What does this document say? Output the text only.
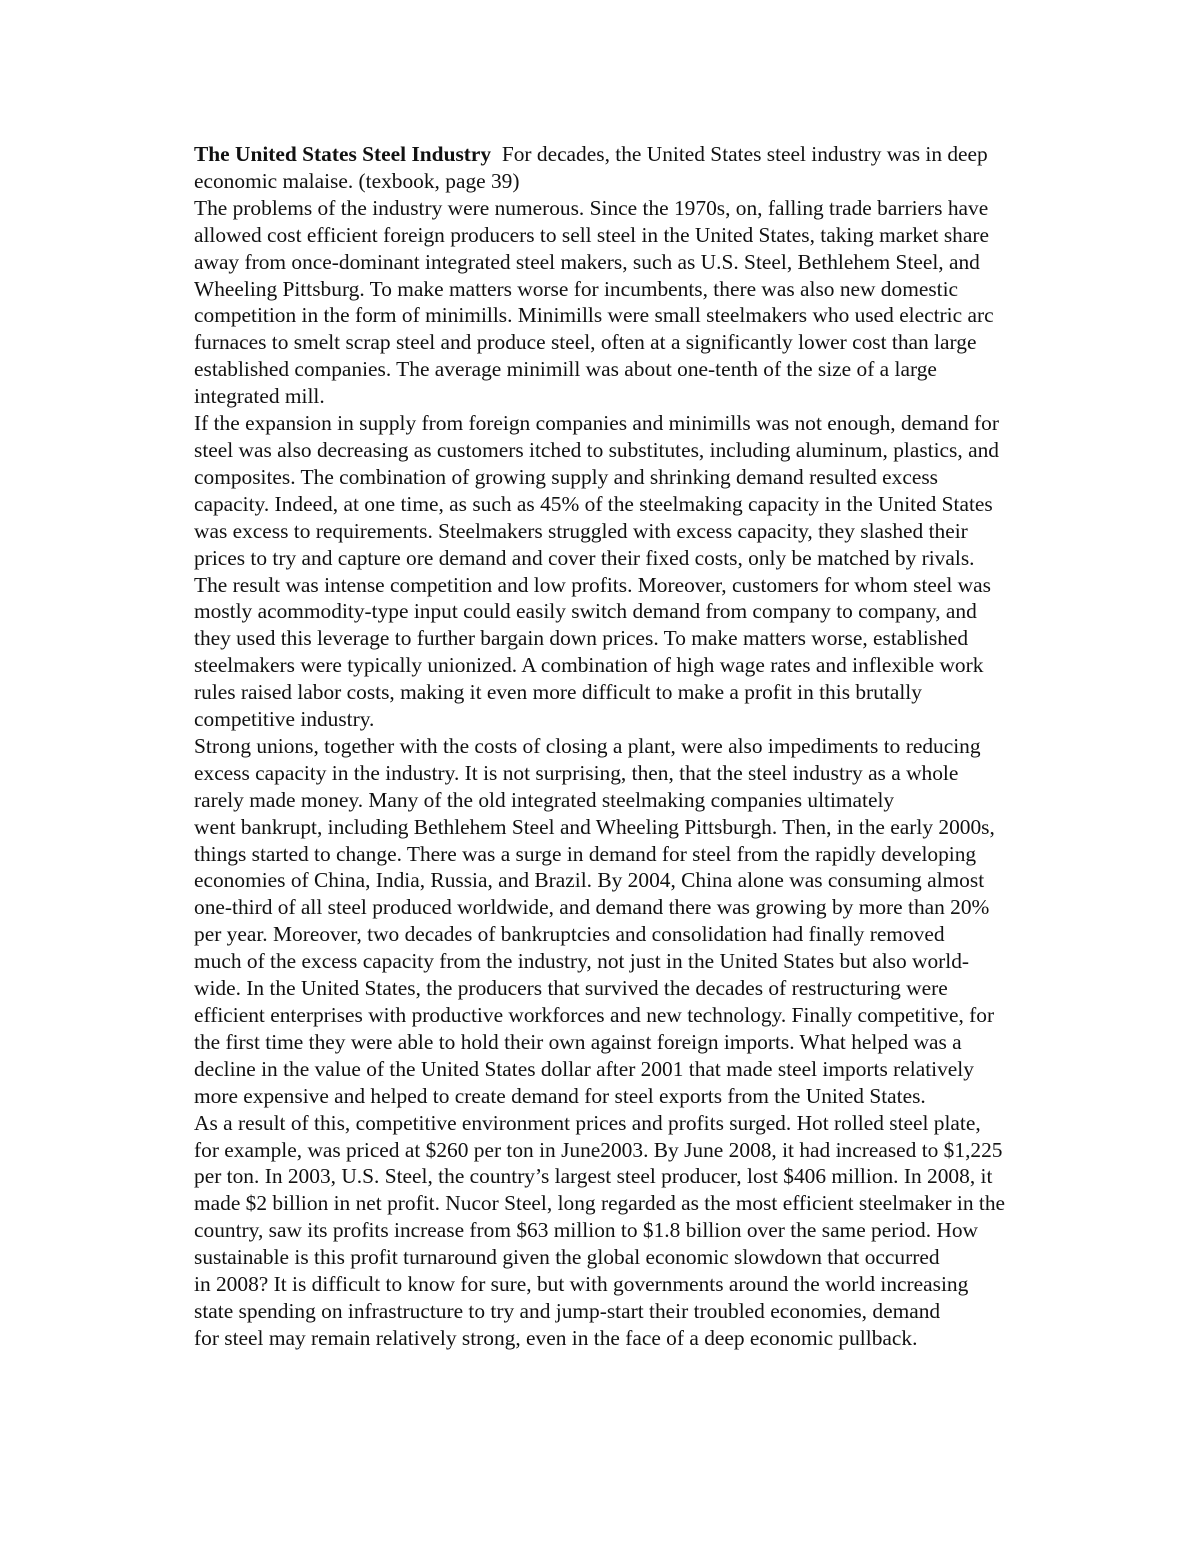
The United States Steel Industry For decades, the United States steel industry was in deep
economic malaise. (texbook, page 39)
The problems of the industry were numerous. Since the 1970s, on, falling trade barriers have
allowed cost efficient foreign producers to sell steel in the United States, taking market share
away from once-dominant integrated steel makers, such as U.S. Steel, Bethlehem Steel, and
Wheeling Pittsburg. To make matters worse for incumbents, there was also new domestic
competition in the form of minimills. Minimills were small steelmakers who used electric arc
furnaces to smelt scrap steel and produce steel, often at a significantly lower cost than large
established companies. The average minimill was about one-tenth of the size of a large
integrated mill.
If the expansion in supply from foreign companies and minimills was not enough, demand for
steel was also decreasing as customers itched to substitutes, including aluminum, plastics, and
composites. The combination of growing supply and shrinking demand resulted excess
capacity. Indeed, at one time, as such as 45% of the steelmaking capacity in the United States
was excess to requirements. Steelmakers struggled with excess capacity, they slashed their
prices to try and capture ore demand and cover their fixed costs, only be matched by rivals.
The result was intense competition and low profits. Moreover, customers for whom steel was
mostly acommodity-type input could easily switch demand from company to company, and
they used this leverage to further bargain down prices. To make matters worse, established
steelmakers were typically unionized. A combination of high wage rates and inflexible work
rules raised labor costs, making it even more difficult to make a profit in this brutally
competitive industry.
Strong unions, together with the costs of closing a plant, were also impediments to reducing
excess capacity in the industry. It is not surprising, then, that the steel industry as a whole
rarely made money. Many of the old integrated steelmaking companies ultimately
went bankrupt, including Bethlehem Steel and Wheeling Pittsburgh. Then, in the early 2000s,
things started to change. There was a surge in demand for steel from the rapidly developing
economies of China, India, Russia, and Brazil. By 2004, China alone was consuming almost
one-third of all steel produced worldwide, and demand there was growing by more than 20%
per year. Moreover, two decades of bankruptcies and consolidation had finally removed
much of the excess capacity from the industry, not just in the United States but also world-
wide. In the United States, the producers that survived the decades of restructuring were
efficient enterprises with productive workforces and new technology. Finally competitive, for
the first time they were able to hold their own against foreign imports. What helped was a
decline in the value of the United States dollar after 2001 that made steel imports relatively
more expensive and helped to create demand for steel exports from the United States.
As a result of this, competitive environment prices and profits surged. Hot rolled steel plate,
for example, was priced at $260 per ton in June2003. By June 2008, it had increased to $1,225
per ton. In 2003, U.S. Steel, the country’s largest steel producer, lost $406 million. In 2008, it
made $2 billion in net profit. Nucor Steel, long regarded as the most efficient steelmaker in the
country, saw its profits increase from $63 million to $1.8 billion over the same period. How
sustainable is this profit turnaround given the global economic slowdown that occurred
in 2008? It is difficult to know for sure, but with governments around the world increasing
state spending on infrastructure to try and jump-start their troubled economies, demand
for steel may remain relatively strong, even in the face of a deep economic pullback.
